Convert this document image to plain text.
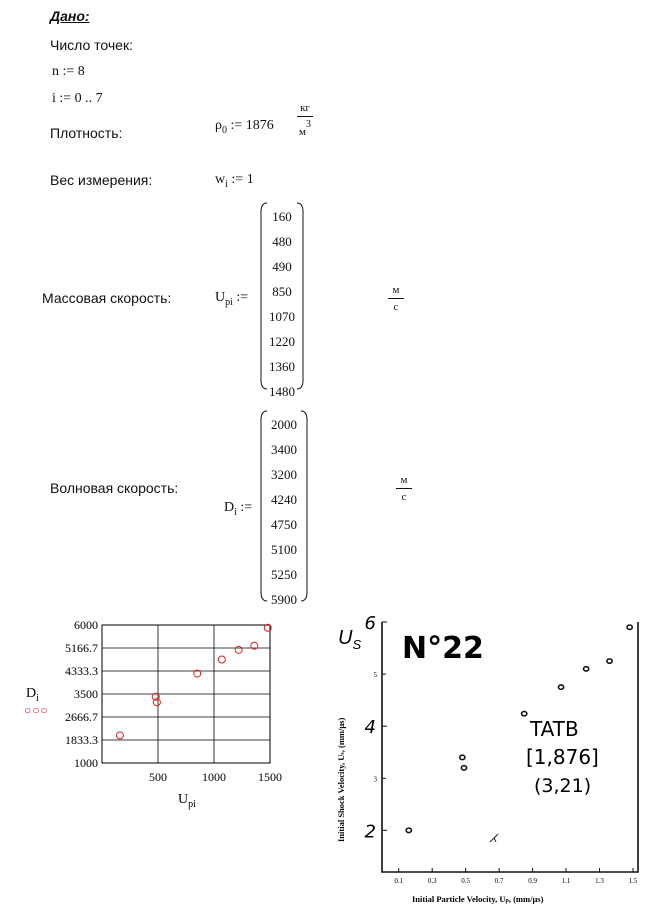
Дано:
Число точек:
n := 8
i := 0 .. 7
Плотность:	$\rho_0$ := 1876
кг
м3
Вес измерения:	$w_i$ := 1
Массовая скорость:	$U_{pi}$ :=
160
480
490
850
1070
1220
1360
1480
м
с
Волновая скорость:
$D_i$ :=
2000
3400
3200
4240
4750
5100
5250
5900
м
с
6000
5166.7
4333.3
3500
2666.7
1833.3
1000
500	1000	1500
$D_i$
○○○
$U_{pi}$
$U_S$ N°22
TATB
[1,876]
(3,21)
Initial Shock Velocity, Us, (mm/μs)
6
4
2
5
3
0.1	0.3	0.5	0.7	0.9	1.1	1.3	1.5
Initial Particle Velocity, Up, (mm/μs)
